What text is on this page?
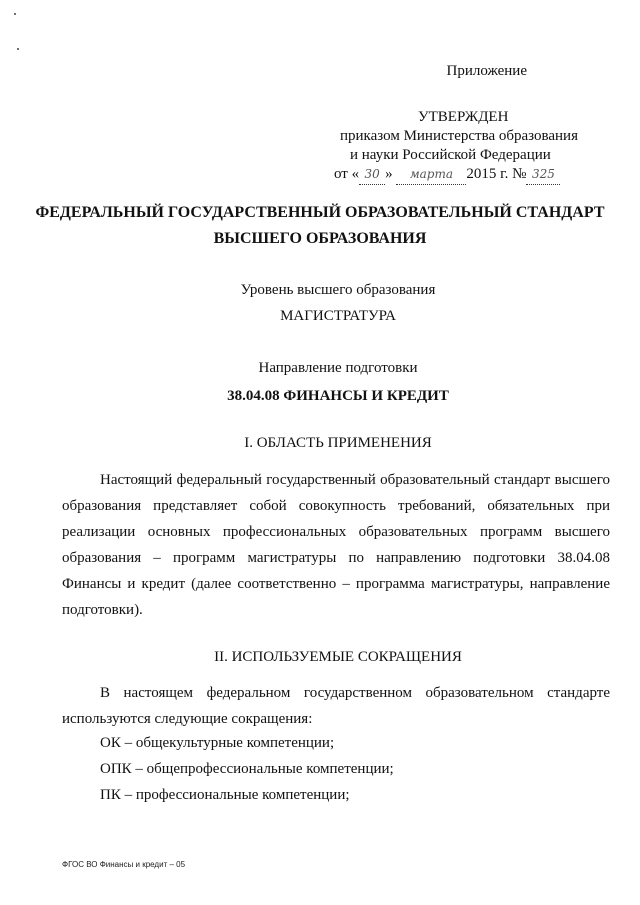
Приложение
УТВЕРЖДЕН
приказом Министерства образования
и науки Российской Федерации
от « 30 » марта 2015 г. № 325
ФЕДЕРАЛЬНЫЙ ГОСУДАРСТВЕННЫЙ ОБРАЗОВАТЕЛЬНЫЙ СТАНДАРТ
ВЫСШЕГО ОБРАЗОВАНИЯ
Уровень высшего образования
МАГИСТРАТУРА
Направление подготовки
38.04.08 ФИНАНСЫ И КРЕДИТ
I. ОБЛАСТЬ ПРИМЕНЕНИЯ

Настоящий федеральный государственный образовательный стандарт высшего образования представляет собой совокупность требований, обязательных при реализации основных профессиональных образовательных программ высшего образования – программ магистратуры по направлению подготовки 38.04.08 Финансы и кредит (далее соответственно – программа магистратуры, направление подготовки).

II. ИСПОЛЬЗУЕМЫЕ СОКРАЩЕНИЯ

В настоящем федеральном государственном образовательном стандарте используются следующие сокращения:

ОК – общекультурные компетенции;
ОПК – общепрофессиональные компетенции;
ПК – профессиональные компетенции;
ФГОС ВО Финансы и кредит – 05
